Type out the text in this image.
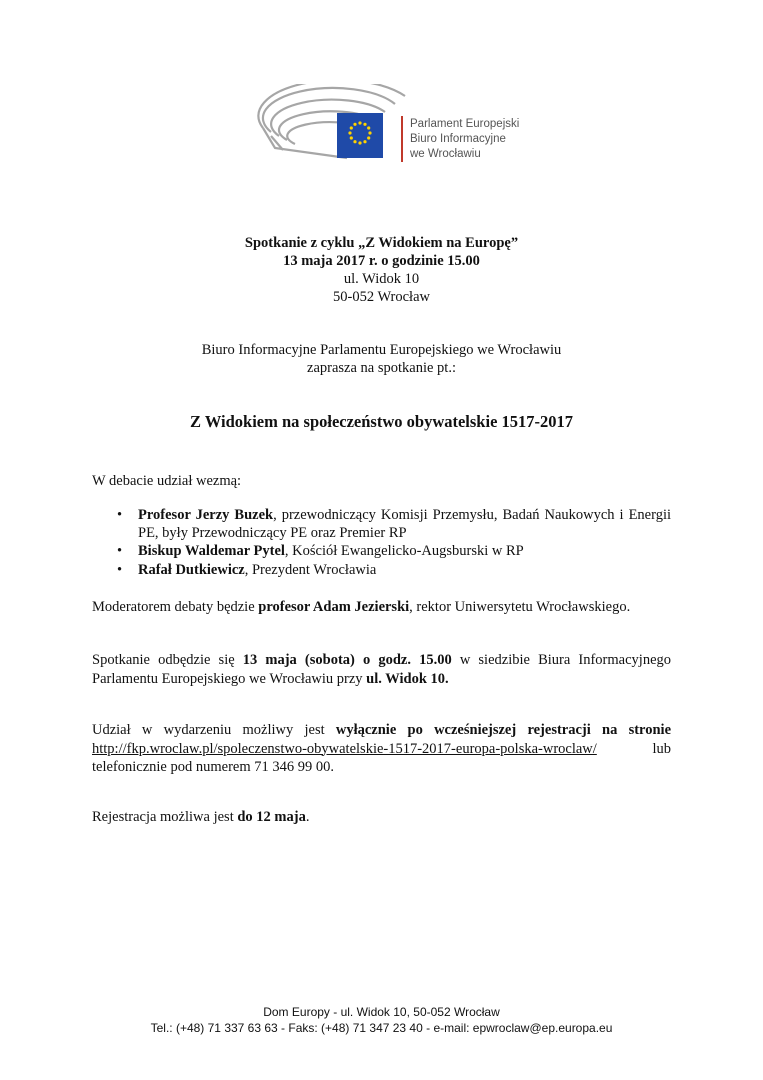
Parlament Europejski
Biuro Informacyjne
we Wrocławiu
Spotkanie z cyklu „Z Widokiem na Europę”
13 maja 2017 r. o godzinie 15.00
ul. Widok 10
50-052 Wrocław
Biuro Informacyjne Parlamentu Europejskiego we Wrocławiu
zaprasza na spotkanie pt.:
Z Widokiem na społeczeństwo obywatelskie 1517-2017
W debacie udział wezmą:
• Profesor Jerzy Buzek, przewodniczący Komisji Przemysłu, Badań Naukowych i Energii PE, były Przewodniczący PE oraz Premier RP
• Biskup Waldemar Pytel, Kościół Ewangelicko-Augsburski w RP
• Rafał Dutkiewicz, Prezydent Wrocławia
Moderatorem debaty będzie profesor Adam Jezierski, rektor Uniwersytetu Wrocławskiego.
Spotkanie odbędzie się 13 maja (sobota) o godz. 15.00 w siedzibie Biura Informacyjnego Parlamentu Europejskiego we Wrocławiu przy ul. Widok 10.
Udział w wydarzeniu możliwy jest wyłącznie po wcześniejszej rejestracji na stronie http://fkp.wroclaw.pl/spoleczenstwo-obywatelskie-1517-2017-europa-polska-wroclaw/ lub telefonicznie pod numerem 71 346 99 00.
Rejestracja możliwa jest do 12 maja.
Dom Europy - ul. Widok 10, 50-052 Wrocław
Tel.: (+48) 71 337 63 63 - Faks: (+48) 71 347 23 40 - e-mail: epwroclaw@ep.europa.eu
